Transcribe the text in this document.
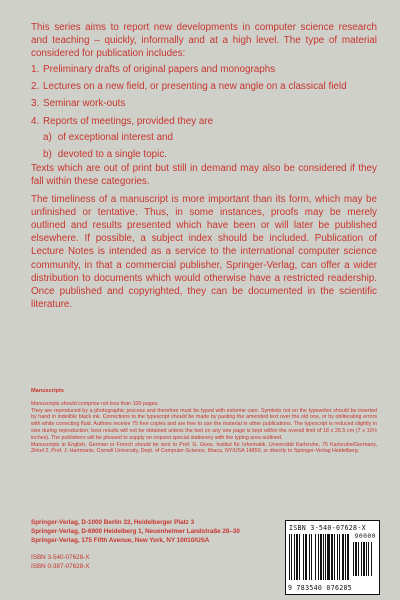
This series aims to report new developments in computer science research and teaching – quickly, informally and at a high level. The type of material considered for publication includes:

1. Preliminary drafts of original papers and monographs
2. Lectures on a new field, or presenting a new angle on a classical field
3. Seminar work-outs
4. Reports of meetings, provided they are
a) of exceptional interest and
b) devoted to a single topic.

Texts which are out of print but still in demand may also be considered if they fall within these categories.

The timeliness of a manuscript is more important than its form, which may be unfinished or tentative. Thus, in some instances, proofs may be merely outlined and results presented which have been or will later be published elsewhere. If possible, a subject index should be included. Publication of Lecture Notes is intended as a service to the international computer science community, in that a commercial publisher, Springer-Verlag, can offer a wider distribution to documents which would otherwise have a restricted readership. Once published and copyrighted, they can be documented in the scientific literature.

Manuscripts

Manuscripts should comprise not less than 100 pages.

They are reproduced by a photographic process and therefore must be typed with extreme care. Symbols not on the typewriter should be inserted by hand in indelible black ink. Corrections to the typescript should be made by pasting the amended text over the old one, or by obliterating errors with white correcting fluid. Authors receive 75 free copies and are free to use the material in other publications. The typescript is reduced slightly in size during reproduction; best results will not be obtained unless the text on any one page is kept within the overall limit of 18 x 26.5 cm (7 x 10½ inches). The publishers will be pleased to supply on request special stationery with the typing area outlined.

Manuscripts in English, German or French should be sent to Prof. G. Goos, Institut für Informatik, Universität Karlsruhe, 75 Karlsruhe/Germany, Zirkel 2, Prof. J. Hartmanis, Cornell University, Dept. of Computer-Science, Ithaca, NY/USA 14850, or directly to Springer-Verlag Heidelberg.

Springer-Verlag, D-1000 Berlin 33, Heidelberger Platz 3
Springer-Verlag, D-6900 Heidelberg 1, Neuenheimer Landstraße 28–30
Springer-Verlag, 175 Fifth Avenue, New York, NY 10010/USA
ISBN 3-540-07628-X
ISBN 0-387-07628-X
ISBN 3-540-07628-X
90000
9 783540 076285
